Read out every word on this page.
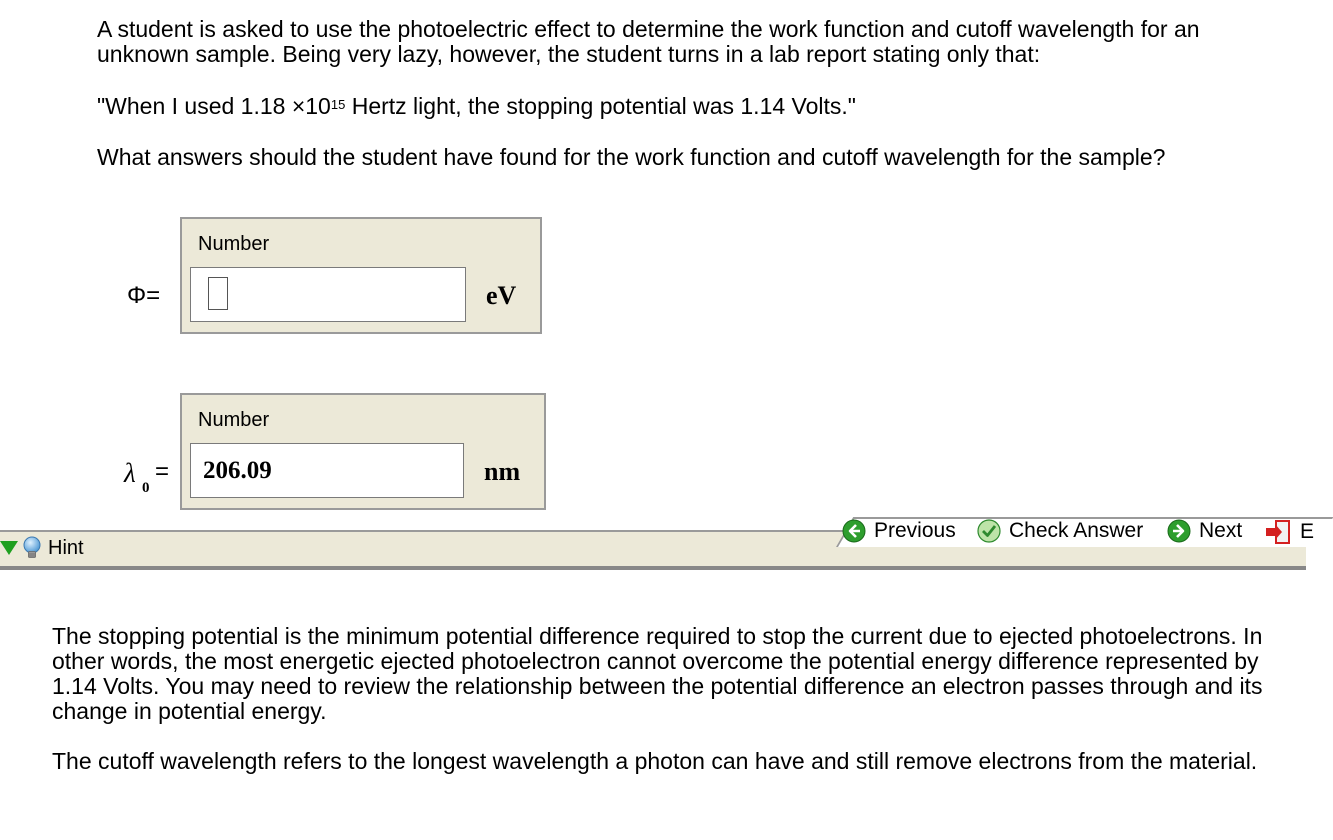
A student is asked to use the photoelectric effect to determine the work function and cutoff wavelength for an unknown sample. Being very lazy, however, the student turns in a lab report stating only that:

"When I used $1.18 \times 10^{15}$ Hertz light, the stopping potential was 1.14 Volts."

What answers should the student have found for the work function and cutoff wavelength for the sample?

Φ=
Number
eV
λ 0
=
Number
206.09	nm
Hint
Previous	Check Answer	Next	E

The stopping potential is the minimum potential difference required to stop the current due to ejected photoelectrons. In other words, the most energetic ejected photoelectron cannot overcome the potential energy difference represented by 1.14 Volts. You may need to review the relationship between the potential difference an electron passes through and its change in potential energy.

The cutoff wavelength refers to the longest wavelength a photon can have and still remove electrons from the material.
